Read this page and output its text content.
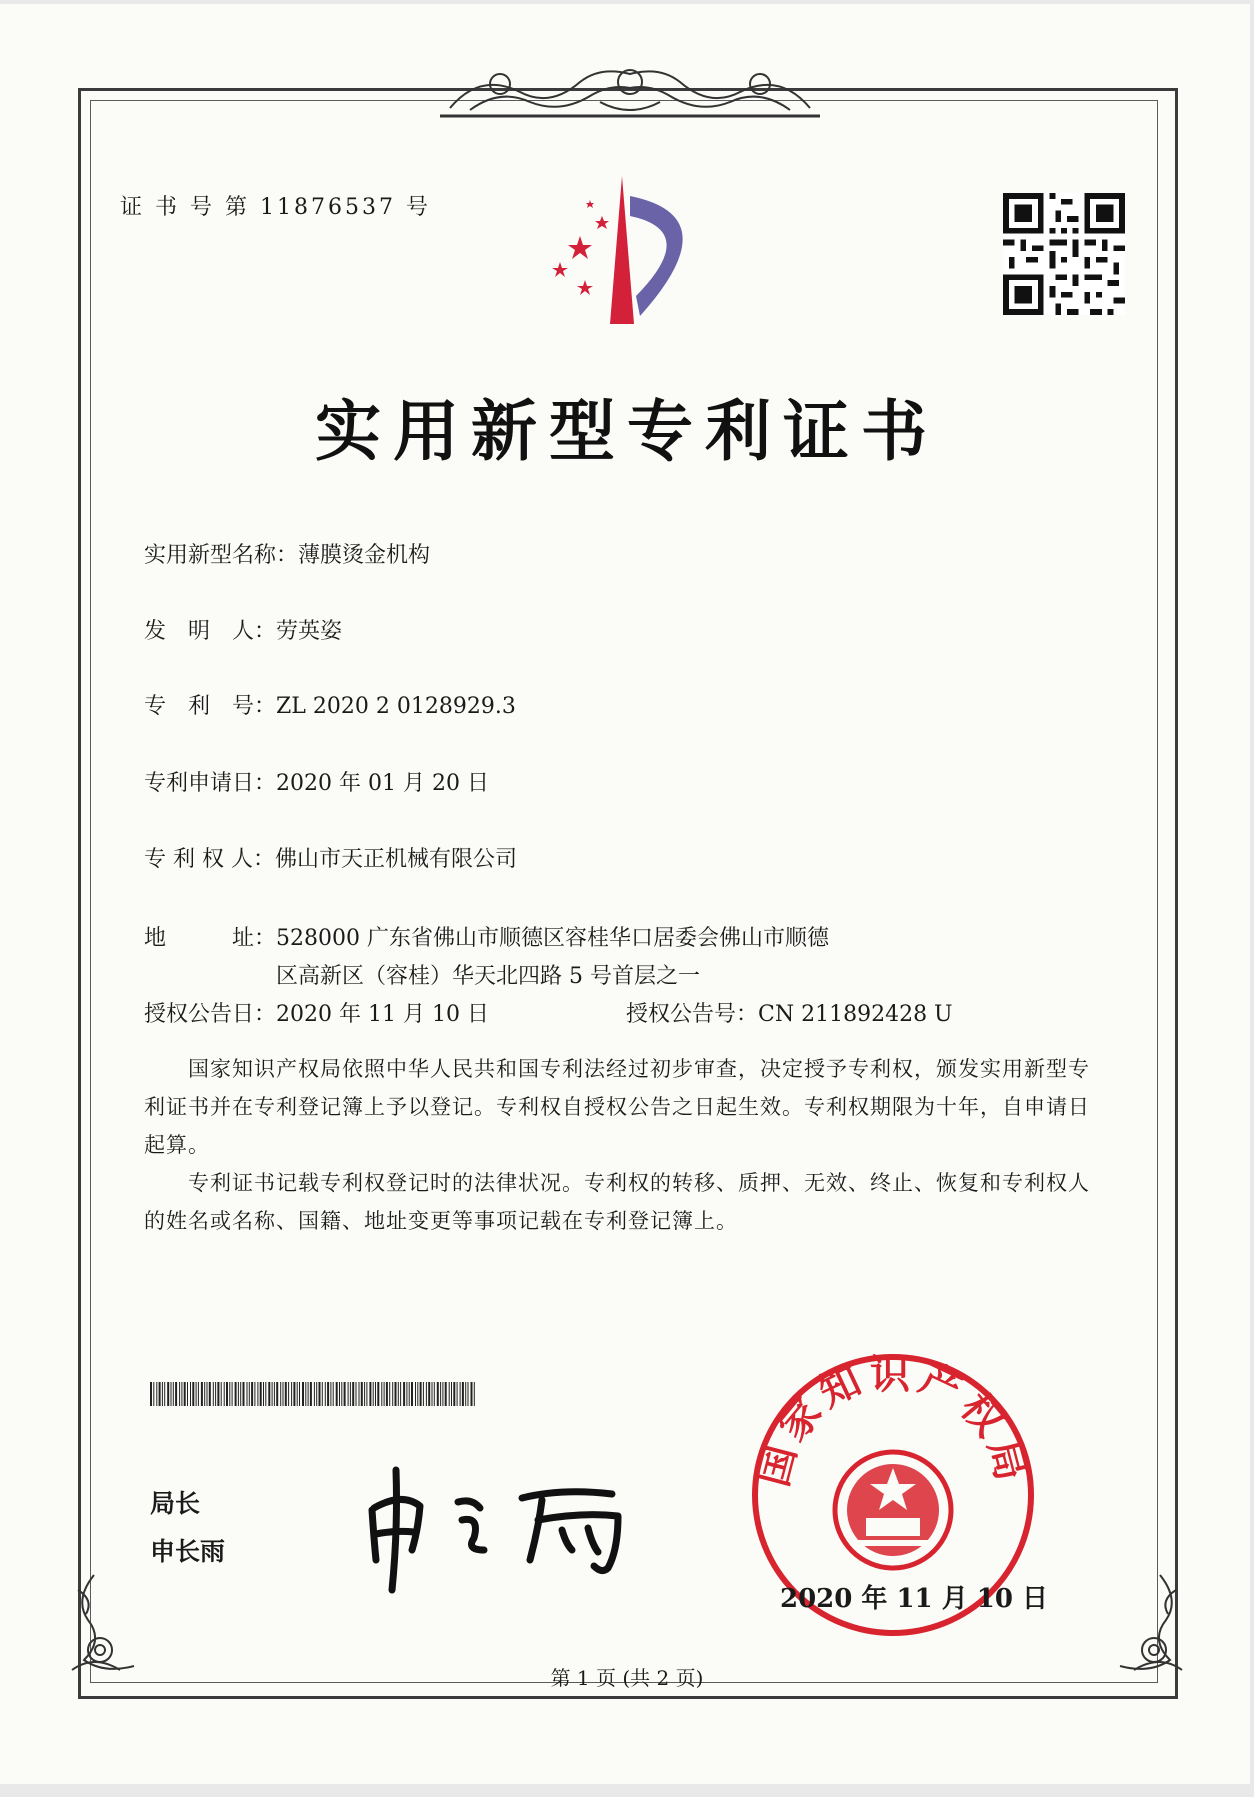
证 书 号 第 11876537 号
实用新型专利证书
实用新型名称：薄膜烫金机构
发　明　人：劳英姿
专　利　号：ZL 2020 2 0128929.3
专利申请日：2020 年 01 月 20 日
专 利 权 人：佛山市天正机械有限公司
地　　　址：528000 广东省佛山市顺德区容桂华口居委会佛山市顺德
区高新区（容桂）华天北四路 5 号首层之一
授权公告日：2020 年 11 月 10 日	授权公告号：CN 211892428 U
国家知识产权局依照中华人民共和国专利法经过初步审查，决定授予专利权，颁发实用新型专利证书并在专利登记簿上予以登记。专利权自授权公告之日起生效。专利权期限为十年，自申请日起算。
专利证书记载专利权登记时的法律状况。专利权的转移、质押、无效、终止、恢复和专利权人的姓名或名称、国籍、地址变更等事项记载在专利登记簿上。
局长
申长雨
国家知识产权局
2020 年 11 月 10 日
第 1 页 (共 2 页)
